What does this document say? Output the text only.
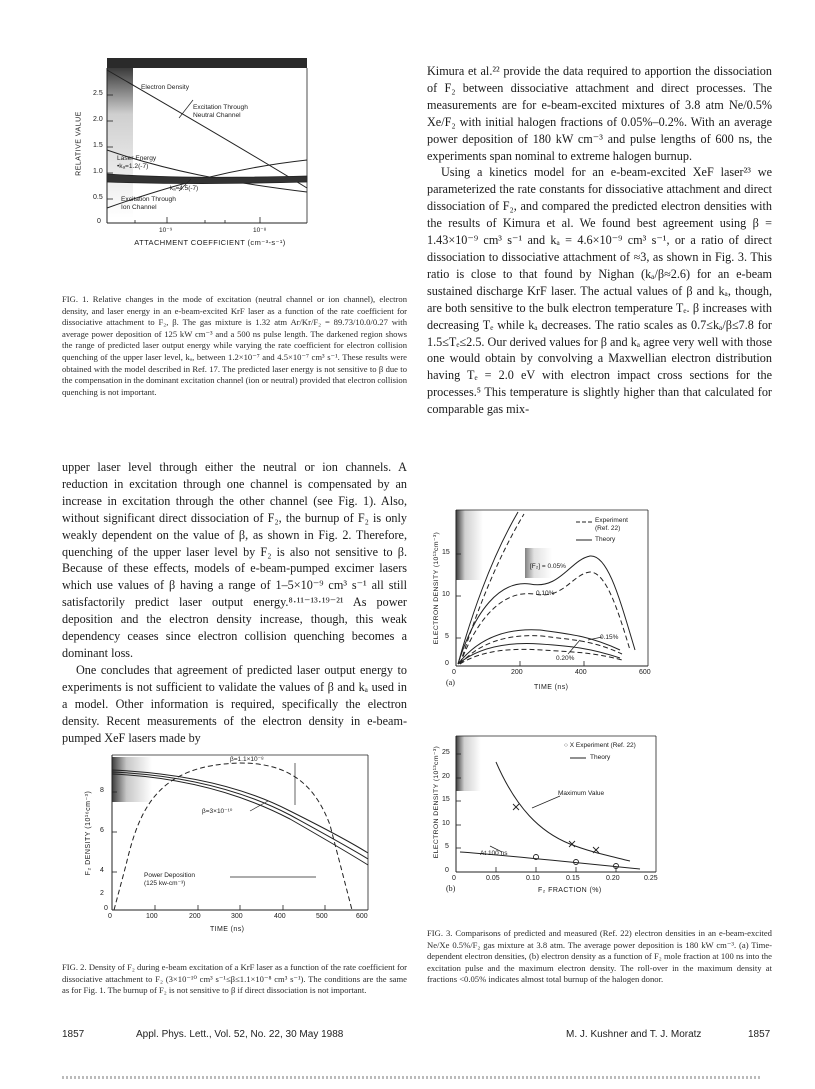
2.5
2.0
1.5
1.0
0.5
0
RELATIVE VALUE
10⁻⁹	10⁻⁸
ATTACHMENT COEFFICIENT (cm⁻³-s⁻¹)
Electron Density
Excitation Through
Neutral Channel
Laser Energy
•kₐ=1.2(-7)
kₐ=4.5(-7)
Excitation Through
Ion Channel
FIG. 1. Relative changes in the mode of excitation (neutral channel or ion channel), electron density, and laser energy in an e-beam-excited KrF laser as a function of the rate coefficient for dissociative attachment to F₂, β. The gas mixture is 1.32 atm Ar/Kr/F₂ = 89.73/10.0/0.27 with average power deposition of 125 kW cm⁻³ and a 500 ns pulse length. The darkened region shows the range of predicted laser output energy while varying the rate coefficient for electron collision quenching of the upper laser level, kₐ, between 1.2×10⁻⁷ and 4.5×10⁻⁷ cm³ s⁻¹. These results were obtained with the model described in Ref. 17. The predicted laser energy is not sensitive to β due to the compensation in the dominant excitation channel (ion or neutral) provided that electron collision quenching is not important.

upper laser level through either the neutral or ion channels. A reduction in excitation through one channel is compensated by an increase in excitation through the other channel (see Fig. 1). Also, without significant direct dissociation of F₂, the burnup of F₂ is only weakly dependent on the value of β, as shown in Fig. 2. Therefore, quenching of the upper laser level by F₂ is also not sensitive to β. Because of these effects, models of e-beam-pumped excimer lasers which use values of β having a range of 1–5×10⁻⁹ cm³ s⁻¹ all still satisfactorily predict laser output energy.⁸·¹¹⁻¹³·¹⁹⁻²¹ As power deposition and the electron density increase, though, this weak dependency ceases since electron collision quenching becomes a dominant loss.

One concludes that agreement of predicted laser output energy to experiments is not sufficient to validate the values of β and kₐ used in a model. Other information is required, specifically the electron density. Recent measurements of the electron density in e-beam-pumped XeF lasers made by

8
6
4
2
0
F₂ DENSITY (10¹⁶cm⁻³)
0	100	200	300	400	500	600
TIME (ns)
β=1.1×10⁻⁸
β=3×10⁻¹⁰
Power Deposition
(125 kw-cm⁻³)
FIG. 2. Density of F₂ during e-beam excitation of a KrF laser as a function of the rate coefficient for dissociative attachment to F₂ (3×10⁻¹⁰ cm³ s⁻¹≤β≤1.1×10⁻⁸ cm³ s⁻¹). The conditions are the same as for Fig. 1. The burnup of F₂ is not sensitive to β if direct dissociation is not important.

Kimura et al.²² provide the data required to apportion the dissociation of F₂ between dissociative attachment and direct processes. The measurements are for e-beam-excited mixtures of 3.8 atm Ne/0.5% Xe/F₂ with initial halogen fractions of 0.05%–0.2%. With an average power deposition of 180 kW cm⁻³ and pulse lengths of 600 ns, the experiments span nominal to extreme halogen burnup.

Using a kinetics model for an e-beam-excited XeF laser²³ we parameterized the rate constants for dissociative attachment and direct dissociation of F₂, and compared the predicted electron densities with the results of Kimura et al. We found best agreement using β = 1.43×10⁻⁹ cm³ s⁻¹ and kₐ = 4.6×10⁻⁹ cm³ s⁻¹, or a ratio of direct dissociation to dissociative attachment of ≈3, as shown in Fig. 3. This ratio is close to that found by Nighan (kₐ/β≈2.6) for an e-beam sustained discharge KrF laser. The actual values of β and kₐ, though, are both sensitive to the bulk electron temperature Tₑ. β increases with decreasing Tₑ while kₐ decreases. The ratio scales as 0.7≤kₐ/β≤7.8 for 1.5≤Tₑ≤2.5. Our derived values for β and kₐ agree very well with those one would obtain by convolving a Maxwellian electron distribution having Tₑ = 2.0 eV with electron impact cross sections for the processes.⁵ This temperature is slightly higher than that calculated for comparable gas mix-

15
10
5
0
ELECTRON DENSITY (10¹³cm⁻³)
0	200	400	600
(a)
TIME (ns)
Experiment
(Ref. 22)
Theory
[F₂] = 0.05%
0.10%
0.15%
0.20%
25
20
15
10
5
0
ELECTRON DENSITY (10¹³cm⁻³)
0	0.05	0.10	0.15	0.20	0.25
(b)	F₂ FRACTION (%)
○ X Experiment (Ref. 22)
Theory
Maximum Value
At 100 ns
FIG. 3. Comparisons of predicted and measured (Ref. 22) electron densities in an e-beam-excited Ne/Xe 0.5%/F₂ gas mixture at 3.8 atm. The average power deposition is 180 kW cm⁻³. (a) Time-dependent electron densities, (b) electron density as a function of F₂ mole fraction at 100 ns into the excitation pulse and the maximum electron density. The roll-over in the maximum density at fractions <0.05% indicates almost total burnup of the halogen donor.
1857	Appl. Phys. Lett., Vol. 52, No. 22, 30 May 1988	M. J. Kushner and T. J. Moratz	1857
